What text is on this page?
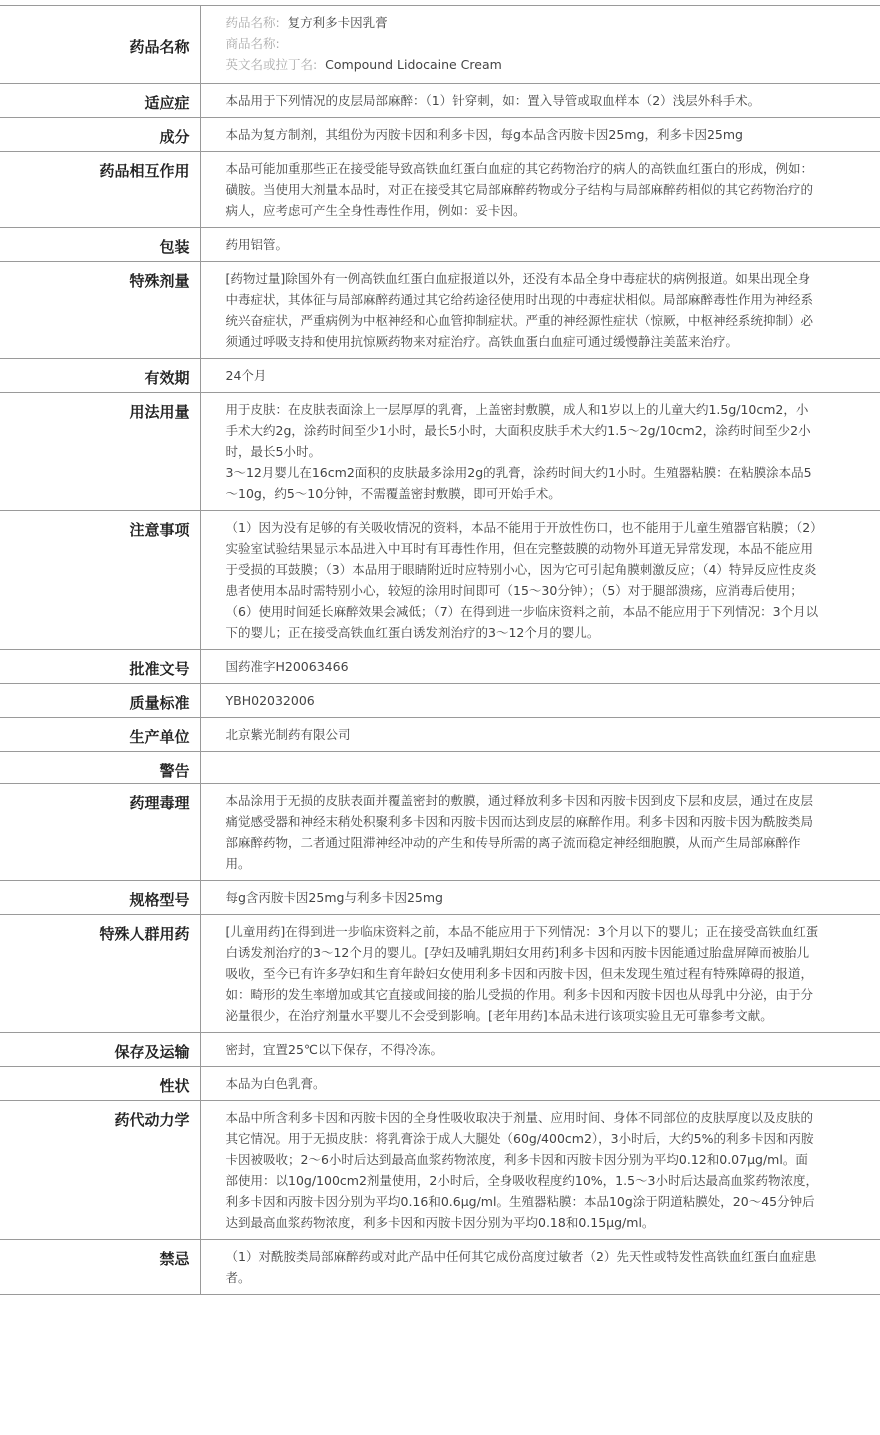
药品名称	药品名称: 复方利多卡因乳膏
商品名称:
英文名或拉丁名: Compound Lidocaine Cream

适应症	本品用于下列情况的皮层局部麻醉：（1）针穿刺，如：置入导管或取血样本（2）浅层外科手术。
成分	本品为复方制剂，其组份为丙胺卡因和利多卡因，每g本品含丙胺卡因25mg，利多卡因25mg
药品相互作用	本品可能加重那些正在接受能导致高铁血红蛋白血症的其它药物治疗的病人的高铁血红蛋白的形成，例如：磺胺。当使用大剂量本品时，对正在接受其它局部麻醉药物或分子结构与局部麻醉药相似的其它药物治疗的病人，应考虑可产生全身性毒性作用，例如：妥卡因。
包装	药用铝管。
特殊剂量	[药物过量]除国外有一例高铁血红蛋白血症报道以外，还没有本品全身中毒症状的病例报道。如果出现全身中毒症状，其体征与局部麻醉药通过其它给药途径使用时出现的中毒症状相似。局部麻醉毒性作用为神经系统兴奋症状，严重病例为中枢神经和心血管抑制症状。严重的神经源性症状（惊厥，中枢神经系统抑制）必须通过呼吸支持和使用抗惊厥药物来对症治疗。高铁血蛋白血症可通过缓慢静注美蓝来治疗。
有效期	24个月
用法用量	用于皮肤：在皮肤表面涂上一层厚厚的乳膏，上盖密封敷膜，成人和1岁以上的儿童大约1.5g/10cm2，小手术大约2g，涂药时间至少1小时，最长5小时，大面积皮肤手术大约1.5～2g/10cm2，涂药时间至少2小时，最长5小时。
3～12月婴儿在16cm2面积的皮肤最多涂用2g的乳膏，涂药时间大约1小时。生殖器粘膜：在粘膜涂本品5～10g，约5～10分钟，不需覆盖密封敷膜，即可开始手术。
注意事项	（1）因为没有足够的有关吸收情况的资料，本品不能用于开放性伤口，也不能用于儿童生殖器官粘膜；（2）实验室试验结果显示本品进入中耳时有耳毒性作用，但在完整鼓膜的动物外耳道无异常发现，本品不能应用于受损的耳鼓膜；（3）本品用于眼睛附近时应特别小心，因为它可引起角膜刺激反应；（4）特异反应性皮炎患者使用本品时需特别小心，较短的涂用时间即可（15～30分钟）；（5）对于腿部溃疡，应消毒后使用；（6）使用时间延长麻醉效果会减低；（7）在得到进一步临床资料之前，本品不能应用于下列情况：3个月以下的婴儿；正在接受高铁血红蛋白诱发剂治疗的3～12个月的婴儿。
批准文号	国药准字H20063466
质量标准	YBH02032006
生产单位	北京紫光制药有限公司
警告	
药理毒理	本品涂用于无损的皮肤表面并覆盖密封的敷膜，通过释放利多卡因和丙胺卡因到皮下层和皮层，通过在皮层痛觉感受器和神经末稍处积聚利多卡因和丙胺卡因而达到皮层的麻醉作用。利多卡因和丙胺卡因为酰胺类局部麻醉药物，二者通过阻滞神经冲动的产生和传导所需的离子流而稳定神经细胞膜，从而产生局部麻醉作用。
规格型号	每g含丙胺卡因25mg与利多卡因25mg
特殊人群用药	[儿童用药]在得到进一步临床资料之前，本品不能应用于下列情况：3个月以下的婴儿；正在接受高铁血红蛋白诱发剂治疗的3～12个月的婴儿。[孕妇及哺乳期妇女用药]利多卡因和丙胺卡因能通过胎盘屏障而被胎儿吸收，至今已有许多孕妇和生育年龄妇女使用利多卡因和丙胺卡因，但未发现生殖过程有特殊障碍的报道，如：畸形的发生率增加或其它直接或间接的胎儿受损的作用。利多卡因和丙胺卡因也从母乳中分泌，由于分泌量很少，在治疗剂量水平婴儿不会受到影响。[老年用药]本品未进行该项实验且无可靠参考文献。
保存及运输	密封，宜置25℃以下保存，不得冷冻。
性状	本品为白色乳膏。
药代动力学	本品中所含利多卡因和丙胺卡因的全身性吸收取决于剂量、应用时间、身体不同部位的皮肤厚度以及皮肤的其它情况。用于无损皮肤：将乳膏涂于成人大腿处（60g/400cm2），3小时后，大约5%的利多卡因和丙胺卡因被吸收；2～6小时后达到最高血浆药物浓度，利多卡因和丙胺卡因分别为平均0.12和0.07μg/ml。面部使用：以10g/100cm2剂量使用，2小时后，全身吸收程度约10%，1.5～3小时后达最高血浆药物浓度，利多卡因和丙胺卡因分别为平均0.16和0.6μg/ml。生殖器粘膜：本品10g涂于阴道粘膜处，20～45分钟后达到最高血浆药物浓度，利多卡因和丙胺卡因分别为平均0.18和0.15μg/ml。
禁忌	（1）对酰胺类局部麻醉药或对此产品中任何其它成份高度过敏者（2）先天性或特发性高铁血红蛋白血症患者。
